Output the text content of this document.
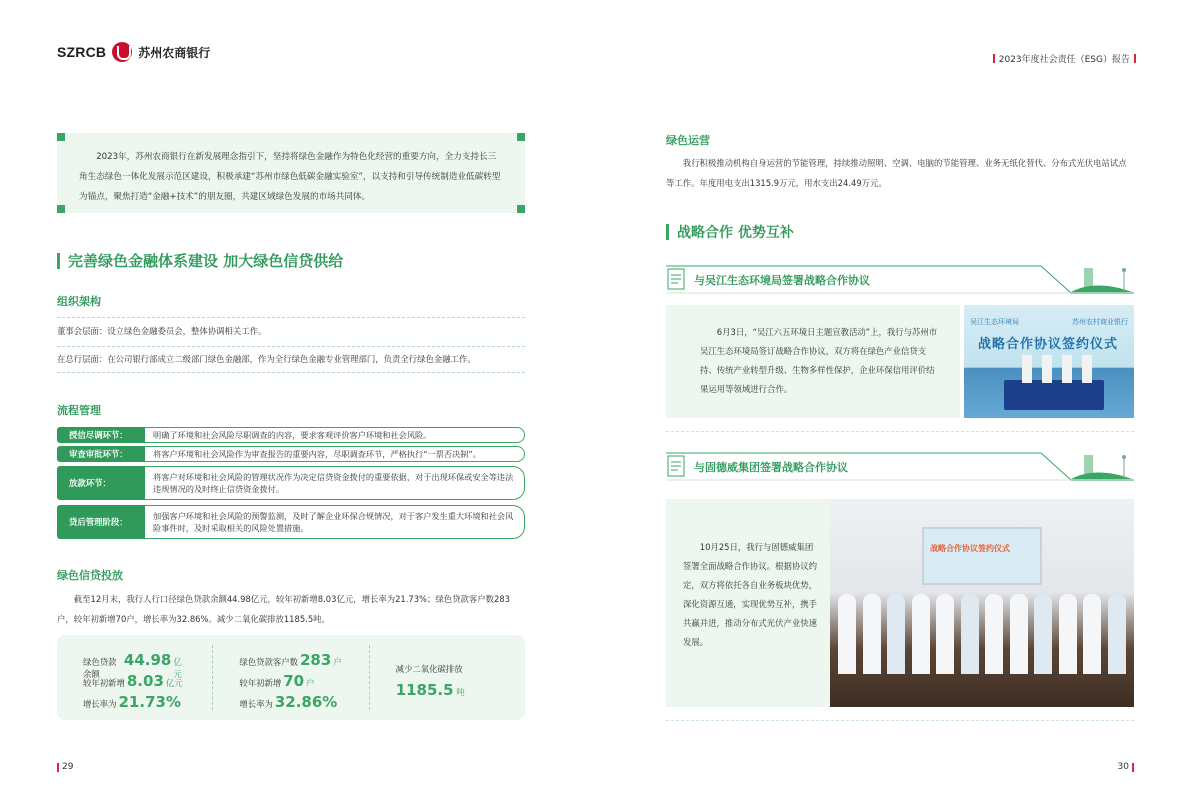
SZRCB	苏州农商银行
2023年度社会责任（ESG）报告

2023年，苏州农商银行在新发展理念指引下，坚持将绿色金融作为特色化经营的重要方向，全力支持长三角生态绿色一体化发展示范区建设，积极承建“苏州市绿色低碳金融实验室”，以支持和引导传统制造业低碳转型为锚点，聚焦打造“金融+技术”的朋友圈，共建区域绿色发展的市场共同体。

完善绿色金融体系建设 加大绿色信贷供给
组织架构
董事会层面：设立绿色金融委员会，整体协调相关工作。
在总行层面：在公司银行部成立二级部门绿色金融部，作为全行绿色金融专业管理部门，负责全行绿色金融工作。
流程管理
授信尽调环节：	明确了环境和社会风险尽职调查的内容，要求客观评价客户环境和社会风险。
审查审批环节：	将客户环境和社会风险作为审查报告的重要内容，尽职调查环节，严格执行“一票否决制”。
放款环节：
将客户对环境和社会风险的管理状况作为决定信贷资金拨付的重要依据，对于出现环保或安全等违法违规情况的及时终止信贷资金拨付。
贷后管理阶段：
加强客户环境和社会风险的预警监测，及时了解企业环保合规情况，对于客户发生重大环境和社会风险事件时，及时采取相关的风险处置措施。
绿色信贷投放
截至12月末，我行人行口径绿色贷款余额44.98亿元，较年初新增8.03亿元，增长率为21.73%；绿色贷款客户数283户，较年初新增70户，增长率为32.86%。减少二氧化碳排放1185.5吨。
绿色贷款余额
44.98 亿元
较年初新增 8.03 亿元
增长率为 21.73%
绿色贷款客户数 283 户
较年初新增 70 户
增长率为 32.86%
减少二氧化碳排放
1185.5 吨
29
绿色运营
我行积极推动机构自身运营的节能管理，持续推动照明、空调、电脑的节能管理、业务无纸化替代、分布式光伏电站试点等工作。年度用电支出1315.9万元，用水支出24.49万元。
战略合作 优势互补
与吴江生态环境局签署战略合作协议
6月3日，“吴江六五环境日主题宣教活动”上，我行与苏州市吴江生态环境局签订战略合作协议，双方将在绿色产业信贷支持、传统产业转型升级、生物多样性保护，企业环保信用评价结果运用等领域进行合作。
吴江生态环境局	苏州农村商业银行
战略合作协议签约仪式
与固德威集团签署战略合作协议
10月25日，我行与固德威集团签署全面战略合作协议。根据协议约定，双方将依托各自业务板块优势，深化资源互通，实现优势互补，携手共赢并进，推动分布式光伏产业快速发展。
战略合作协议签约仪式
30
